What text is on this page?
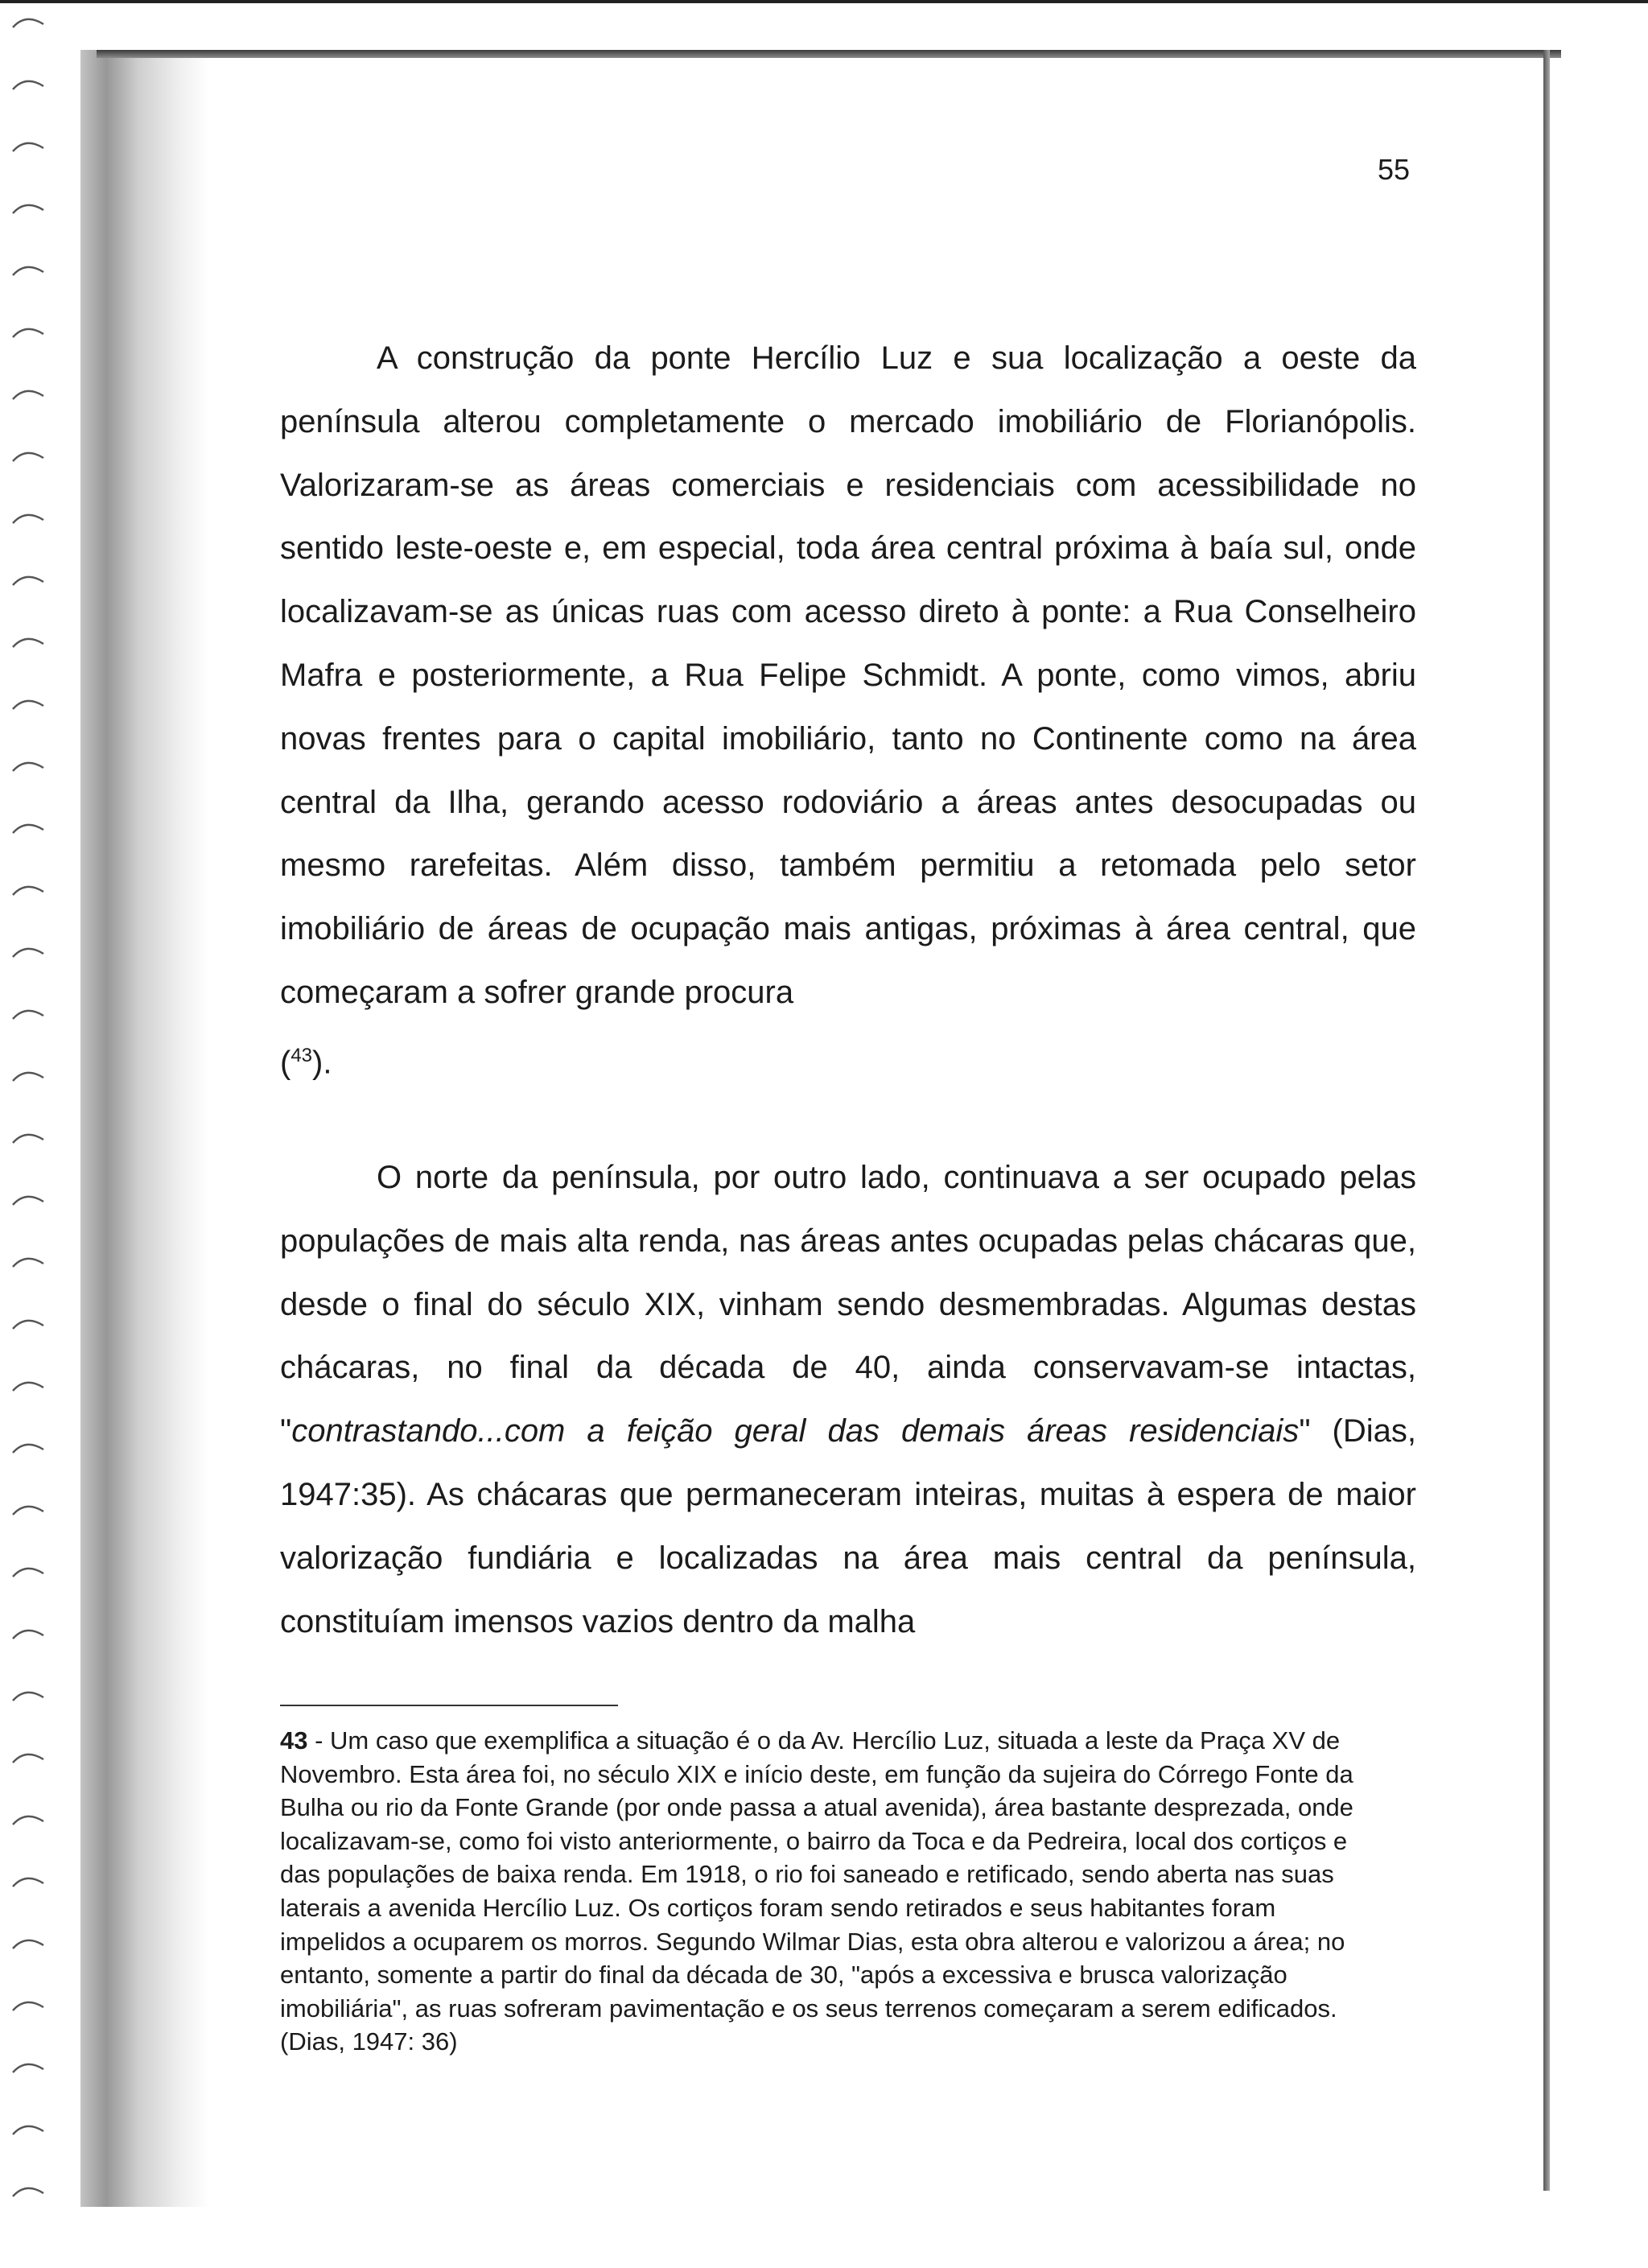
55

A construção da ponte Hercílio Luz e sua localização a oeste da península alterou completamente o mercado imobiliário de Florianópolis. Valorizaram-se as áreas comerciais e residenciais com acessibilidade no sentido leste-oeste e, em especial, toda área central próxima à baía sul, onde localizavam-se as únicas ruas com acesso direto à ponte: a Rua Conselheiro Mafra e posteriormente, a Rua Felipe Schmidt. A ponte, como vimos, abriu novas frentes para o capital imobiliário, tanto no Continente como na área central da Ilha, gerando acesso rodoviário a áreas antes desocupadas ou mesmo rarefeitas. Além disso, também permitiu a retomada pelo setor imobiliário de áreas de ocupação mais antigas, próximas à área central, que começaram a sofrer grande procura
($^{43}$).

O norte da península, por outro lado, continuava a ser ocupado pelas populações de mais alta renda, nas áreas antes ocupadas pelas chácaras que, desde o final do século XIX, vinham sendo desmembradas. Algumas destas chácaras, no final da década de 40, ainda conservavam-se intactas, "contrastando...com a feição geral das demais áreas residenciais" (Dias, 1947:35). As chácaras que permaneceram inteiras, muitas à espera de maior valorização fundiária e localizadas na área mais central da península, constituíam imensos vazios dentro da malha

43 - Um caso que exemplifica a situação é o da Av. Hercílio Luz, situada a leste da Praça XV de Novembro. Esta área foi, no século XIX e início deste, em função da sujeira do Córrego Fonte da Bulha ou rio da Fonte Grande (por onde passa a atual avenida), área bastante desprezada, onde localizavam-se, como foi visto anteriormente, o bairro da Toca e da Pedreira, local dos cortiços e das populações de baixa renda. Em 1918, o rio foi saneado e retificado, sendo aberta nas suas laterais a avenida Hercílio Luz. Os cortiços foram sendo retirados e seus habitantes foram impelidos a ocuparem os morros. Segundo Wilmar Dias, esta obra alterou e valorizou a área; no entanto, somente a partir do final da década de 30, "após a excessiva e brusca valorização imobiliária", as ruas sofreram pavimentação e os seus terrenos começaram a serem edificados. (Dias, 1947: 36)
